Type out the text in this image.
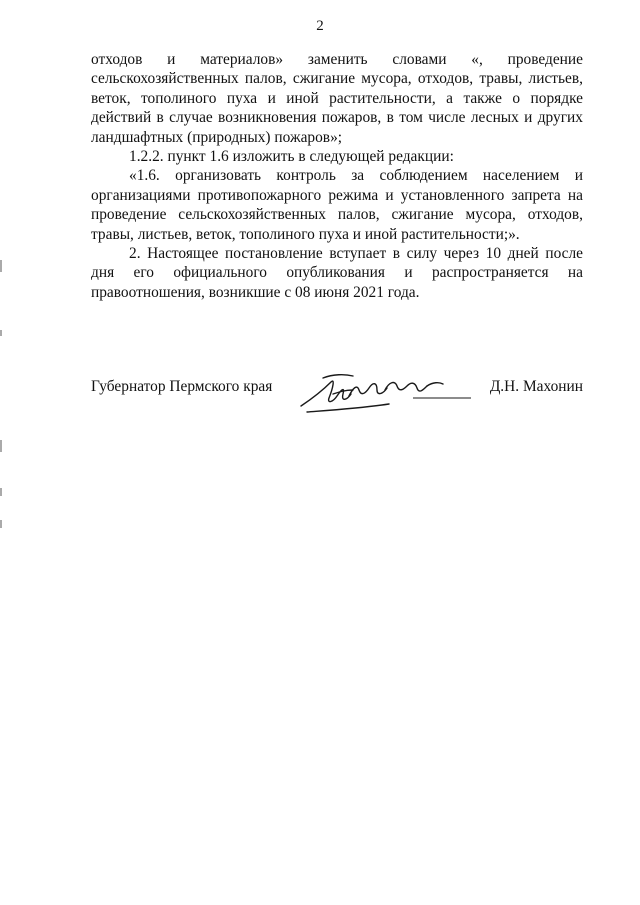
2

отходов и материалов» заменить словами «, проведение сельскохозяйственных палов, сжигание мусора, отходов, травы, листьев, веток, тополиного пуха и иной растительности, а также о порядке действий в случае возникновения пожаров, в том числе лесных и других ландшафтных (природных) пожаров»;

1.2.2. пункт 1.6 изложить в следующей редакции:

«1.6. организовать контроль за соблюдением населением и организациями противопожарного режима и установленного запрета на проведение сельскохозяйственных палов, сжигание мусора, отходов, травы, листьев, веток, тополиного пуха и иной растительности;».

2. Настоящее постановление вступает в силу через 10 дней после дня его официального опубликования и распространяется на правоотношения, возникшие с 08 июня 2021 года.

Губернатор Пермского края	Д.Н. Махонин
